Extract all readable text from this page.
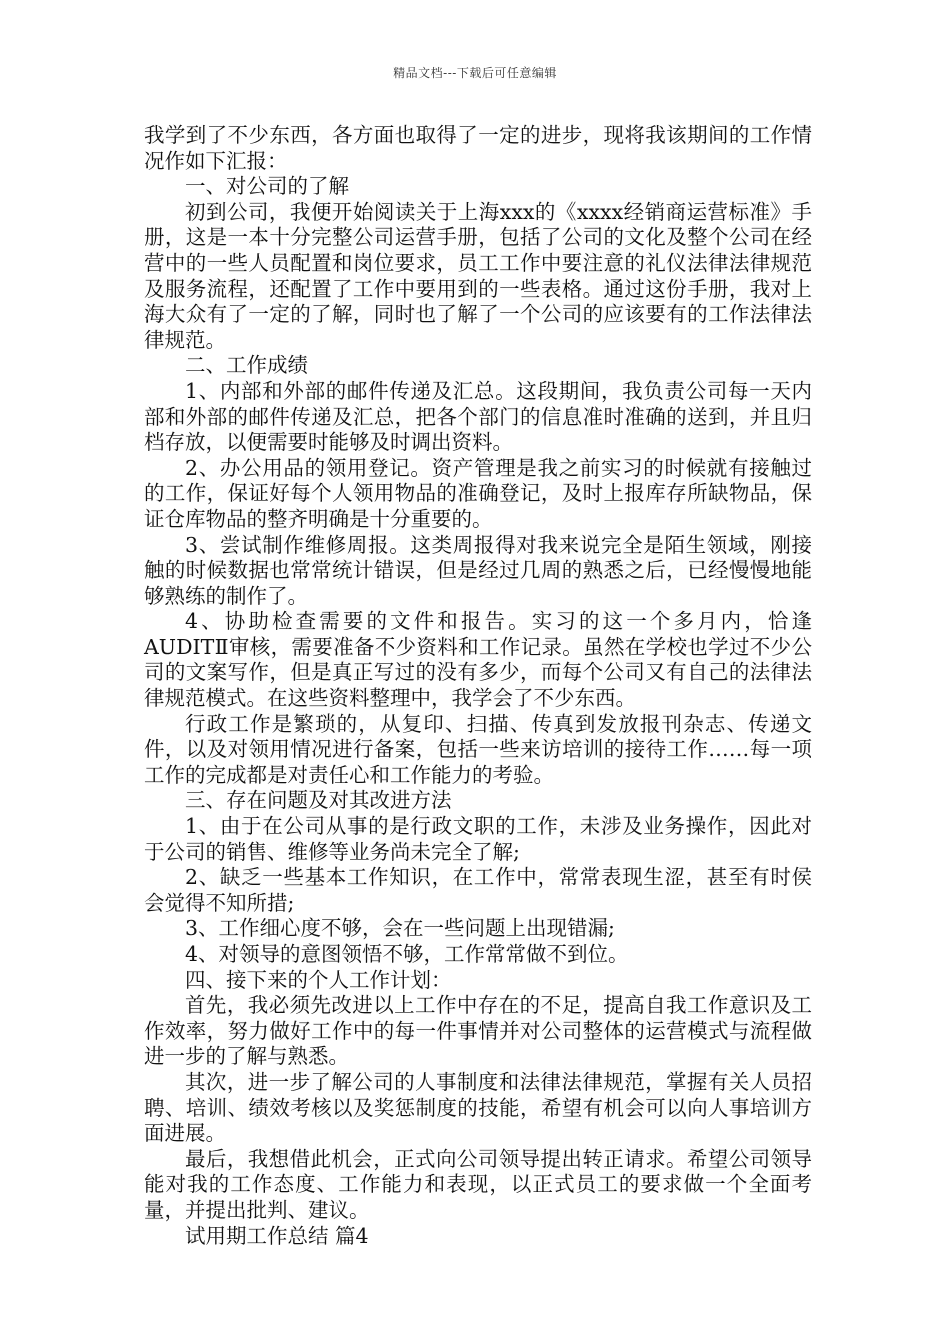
精品文档---下载后可任意编辑

我学到了不少东西，各方面也取得了一定的进步，现将我该期间的工作情况作如下汇报：

一、对公司的了解

初到公司，我便开始阅读关于上海xxx的《xxxx经销商运营标准》手册，这是一本十分完整公司运营手册，包括了公司的文化及整个公司在经营中的一些人员配置和岗位要求，员工工作中要注意的礼仪法律法律规范及服务流程，还配置了工作中要用到的一些表格。通过这份手册，我对上海大众有了一定的了解，同时也了解了一个公司的应该要有的工作法律法律规范。

二、工作成绩

1、内部和外部的邮件传递及汇总。这段期间，我负责公司每一天内部和外部的邮件传递及汇总，把各个部门的信息准时准确的送到，并且归档存放，以便需要时能够及时调出资料。

2、办公用品的领用登记。资产管理是我之前实习的时候就有接触过的工作，保证好每个人领用物品的准确登记，及时上报库存所缺物品，保证仓库物品的整齐明确是十分重要的。

3、尝试制作维修周报。这类周报得对我来说完全是陌生领域，刚接触的时候数据也常常统计错误，但是经过几周的熟悉之后，已经慢慢地能够熟练的制作了。

4、协助检查需要的文件和报告。实习的这一个多月内，恰逢AUDITⅡ审核，需要准备不少资料和工作记录。虽然在学校也学过不少公司的文案写作，但是真正写过的没有多少，而每个公司又有自己的法律法律规范模式。在这些资料整理中，我学会了不少东西。

行政工作是繁琐的，从复印、扫描、传真到发放报刊杂志、传递文件，以及对领用情况进行备案，包括一些来访培训的接待工作……每一项工作的完成都是对责任心和工作能力的考验。

三、存在问题及对其改进方法

1、由于在公司从事的是行政文职的工作，未涉及业务操作，因此对于公司的销售、维修等业务尚未完全了解;

2、缺乏一些基本工作知识，在工作中，常常表现生涩，甚至有时侯会觉得不知所措;

3、工作细心度不够，会在一些问题上出现错漏;

4、对领导的意图领悟不够，工作常常做不到位。

四、接下来的个人工作计划：

首先，我必须先改进以上工作中存在的不足，提高自我工作意识及工作效率，努力做好工作中的每一件事情并对公司整体的运营模式与流程做进一步的了解与熟悉。

其次，进一步了解公司的人事制度和法律法律规范，掌握有关人员招聘、培训、绩效考核以及奖惩制度的技能，希望有机会可以向人事培训方面进展。

最后，我想借此机会，正式向公司领导提出转正请求。希望公司领导能对我的工作态度、工作能力和表现，以正式员工的要求做一个全面考量，并提出批判、建议。

试用期工作总结 篇4
